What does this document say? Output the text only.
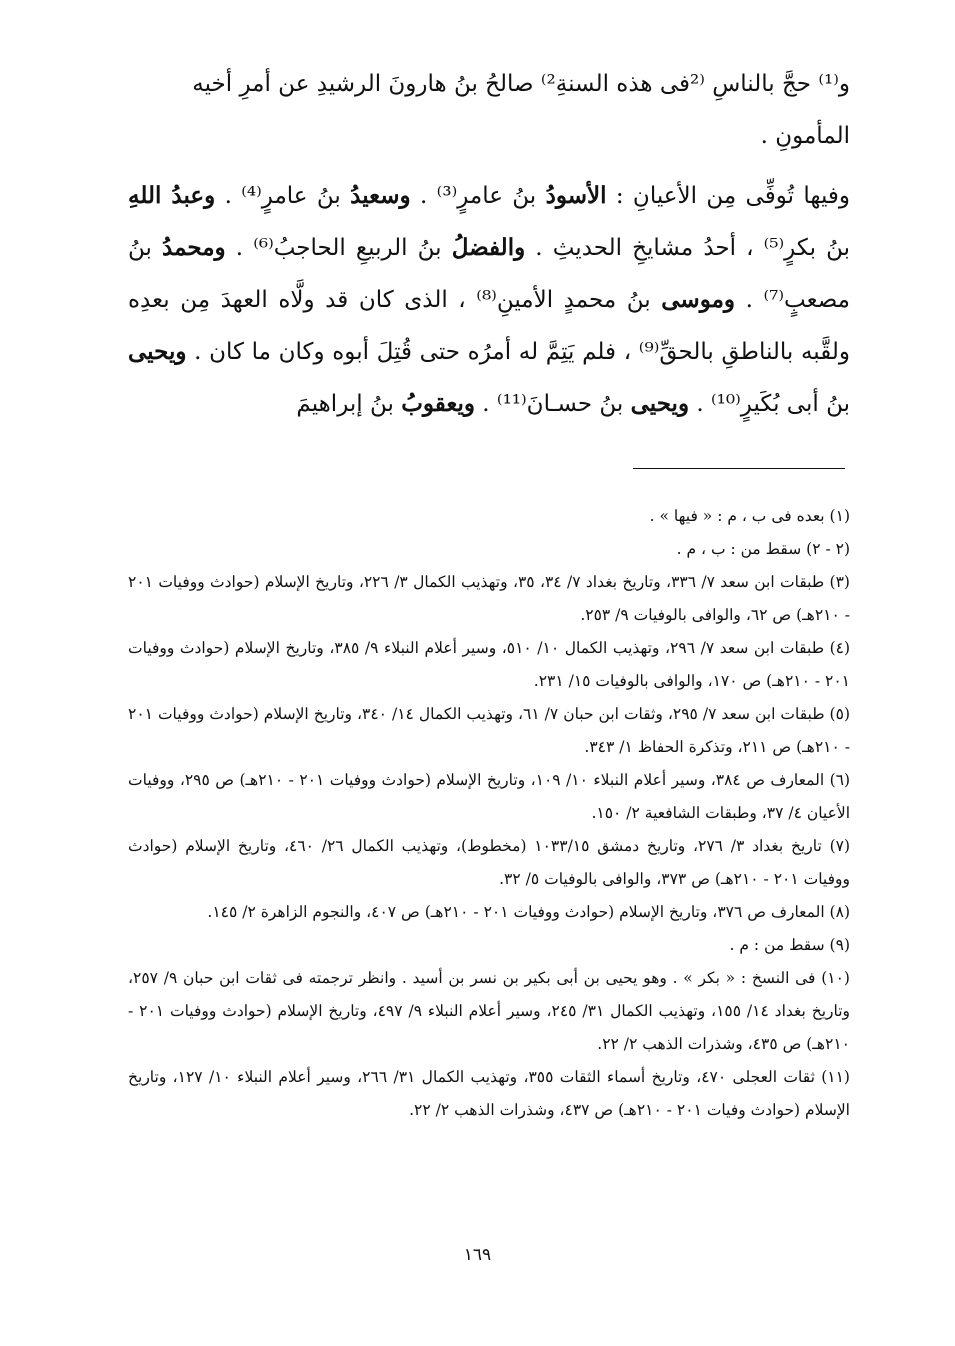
و⁽¹⁾ حجَّ بالناسِ ⁽²فى هذه السنةِ²⁾ صالحُ بنُ هارونَ الرشيدِ عن أمرِ أخيه
المأمونِ .

وفيها تُوفِّى مِن الأعيانِ : الأسودُ بنُ عامرٍ⁽³⁾ . وسعيدُ بنُ عامرٍ⁽⁴⁾ . وعبدُ اللهِ بنُ بكرٍ⁽⁵⁾ ، أحدُ مشايخِ الحديثِ . والفضلُ بنُ الربيعِ الحاجبُ⁽⁶⁾ . ومحمدُ بنُ مصعبٍ⁽⁷⁾ . وموسى بنُ محمدٍ الأمينِ⁽⁸⁾ ، الذى كان قد ولَّاه العهدَ مِن بعدِه ولقَّبه بالناطقِ بالحقِّ⁽⁹⁾ ، فلم يَتِمَّ له أمرُه حتى قُتِلَ أبوه وكان ما كان . ويحيى بنُ أبى بُكَيرٍ⁽¹⁰⁾ . ويحيى بنُ حسـانَ⁽¹¹⁾ . ويعقوبُ بنُ إبراهيمَ

(١) بعده فى ب ، م : « فيها » .

(٢ - ٢) سقط من : ب ، م .

(٣) طبقات ابن سعد ٧/ ٣٣٦، وتاريخ بغداد ٧/ ٣٤، ٣٥، وتهذيب الكمال ٣/ ٢٢٦، وتاريخ الإسلام (حوادث ووفيات ٢٠١ - ٢١٠هـ) ص ٦٢، والوافى بالوفيات ٩/ ٢٥٣.

(٤) طبقات ابن سعد ٧/ ٢٩٦، وتهذيب الكمال ١٠/ ٥١٠، وسير أعلام النبلاء ٩/ ٣٨٥، وتاريخ الإسلام (حوادث ووفيات ٢٠١ - ٢١٠هـ) ص ١٧٠، والوافى بالوفيات ١٥/ ٢٣١.

(٥) طبقات ابن سعد ٧/ ٢٩٥، وثقات ابن حبان ٧/ ٦١، وتهذيب الكمال ١٤/ ٣٤٠، وتاريخ الإسلام (حوادث ووفيات ٢٠١ - ٢١٠هـ) ص ٢١١، وتذكرة الحفاظ ١/ ٣٤٣.

(٦) المعارف ص ٣٨٤، وسير أعلام النبلاء ١٠/ ١٠٩، وتاريخ الإسلام (حوادث ووفيات ٢٠١ - ٢١٠هـ) ص ٢٩٥، ووفيات الأعيان ٤/ ٣٧، وطبقات الشافعية ٢/ ١٥٠.

(٧) تاريخ بغداد ٣/ ٢٧٦، وتاريخ دمشق ١٠٣٣/١٥ (مخطوط)، وتهذيب الكمال ٢٦/ ٤٦٠، وتاريخ الإسلام (حوادث ووفيات ٢٠١ - ٢١٠هـ) ص ٣٧٣، والوافى بالوفيات ٥/ ٣٢.

(٨) المعارف ص ٣٧٦، وتاريخ الإسلام (حوادث ووفيات ٢٠١ - ٢١٠هـ) ص ٤٠٧، والنجوم الزاهرة ٢/ ١٤٥.

(٩) سقط من : م .

(١٠) فى النسخ : « بكر » . وهو يحيى بن أبى بكير بن نسر بن أسيد . وانظر ترجمته فى ثقات ابن حبان ٩/ ٢٥٧، وتاريخ بغداد ١٤/ ١٥٥، وتهذيب الكمال ٣١/ ٢٤٥، وسير أعلام النبلاء ٩/ ٤٩٧، وتاريخ الإسلام (حوادث ووفيات ٢٠١ - ٢١٠هـ) ص ٤٣٥، وشذرات الذهب ٢/ ٢٢.

(١١) ثقات العجلى ٤٧٠، وتاريخ أسماء الثقات ٣٥٥، وتهذيب الكمال ٣١/ ٢٦٦، وسير أعلام النبلاء ١٠/ ١٢٧، وتاريخ الإسلام (حوادث وفيات ٢٠١ - ٢١٠هـ) ص ٤٣٧، وشذرات الذهب ٢/ ٢٢.

١٦٩
